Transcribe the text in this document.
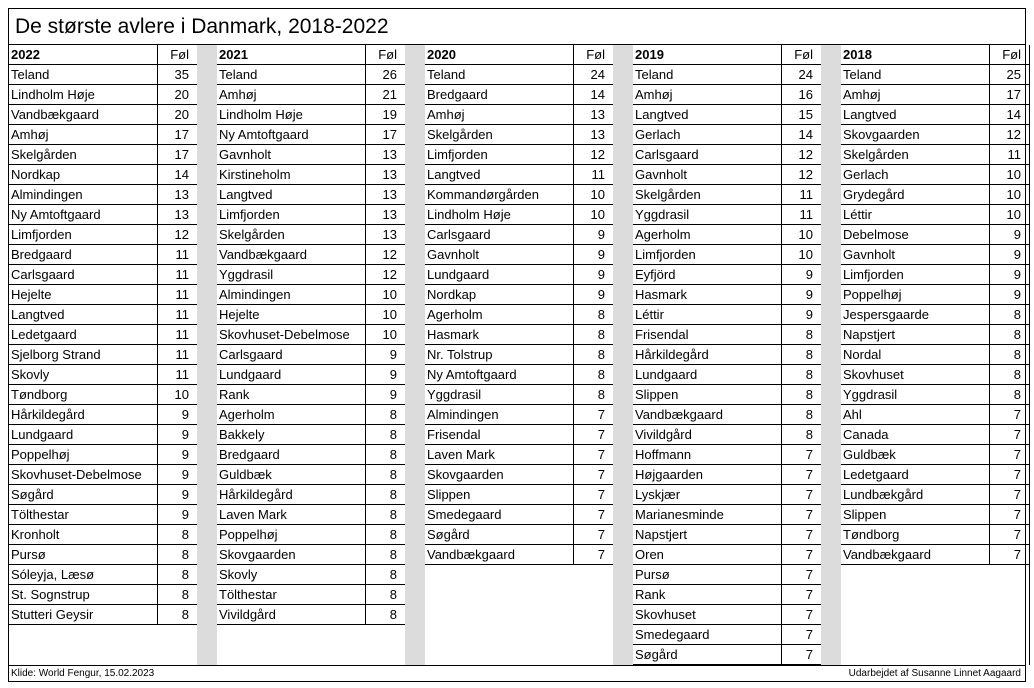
De største avlere i Danmark, 2018-2022
2022	Føl
Teland	35
Lindholm Høje	20
Vandbækgaard	20
Amhøj	17
Skelgården	17
Nordkap	14
Almindingen	13
Ny Amtoftgaard	13
Limfjorden	12
Bredgaard	11
Carlsgaard	11
Hejelte	11
Langtved	11
Ledetgaard	11
Sjelborg Strand	11
Skovly	11
Tøndborg	10
Hårkildegård	9
Lundgaard	9
Poppelhøj	9
Skovhuset-Debelmose	9
Søgård	9
Tölthestar	9
Kronholt	8
Pursø	8
Sóleyja, Læsø	8
St. Sognstrup	8
Stutteri Geysir	8
2021	Føl
Teland	26
Amhøj	21
Lindholm Høje	19
Ny Amtoftgaard	17
Gavnholt	13
Kirstineholm	13
Langtved	13
Limfjorden	13
Skelgården	13
Vandbækgaard	12
Yggdrasil	12
Almindingen	10
Hejelte	10
Skovhuset-Debelmose	10
Carlsgaard	9
Lundgaard	9
Rank	9
Agerholm	8
Bakkely	8
Bredgaard	8
Guldbæk	8
Hårkildegård	8
Laven Mark	8
Poppelhøj	8
Skovgaarden	8
Skovly	8
Tölthestar	8
Vivildgård	8
2020	Føl
Teland	24
Bredgaard	14
Amhøj	13
Skelgården	13
Limfjorden	12
Langtved	11
Kommandørgården	10
Lindholm Høje	10
Carlsgaard	9
Gavnholt	9
Lundgaard	9
Nordkap	9
Agerholm	8
Hasmark	8
Nr. Tolstrup	8
Ny Amtoftgaard	8
Yggdrasil	8
Almindingen	7
Frisendal	7
Laven Mark	7
Skovgaarden	7
Slippen	7
Smedegaard	7
Søgård	7
Vandbækgaard	7
2019	Føl
Teland	24
Amhøj	16
Langtved	15
Gerlach	14
Carlsgaard	12
Gavnholt	12
Skelgården	11
Yggdrasil	11
Agerholm	10
Limfjorden	10
Eyfjörd	9
Hasmark	9
Léttir	9
Frisendal	8
Hårkildegård	8
Lundgaard	8
Slippen	8
Vandbækgaard	8
Vivildgård	8
Hoffmann	7
Højgaarden	7
Lyskjær	7
Marianesminde	7
Napstjert	7
Oren	7
Pursø	7
Rank	7
Skovhuset	7
Smedegaard	7
Søgård	7
2018	Føl
Teland	25
Amhøj	17
Langtved	14
Skovgaarden	12
Skelgården	11
Gerlach	10
Grydegård	10
Léttir	10
Debelmose	9
Gavnholt	9
Limfjorden	9
Poppelhøj	9
Jespersgaarde	8
Napstjert	8
Nordal	8
Skovhuset	8
Yggdrasil	8
Ahl	7
Canada	7
Guldbæk	7
Ledetgaard	7
Lundbækgård	7
Slippen	7
Tøndborg	7
Vandbækgaard	7
Klide: World Fengur, 15.02.2023	Udarbejdet af Susanne Linnet Aagaard
